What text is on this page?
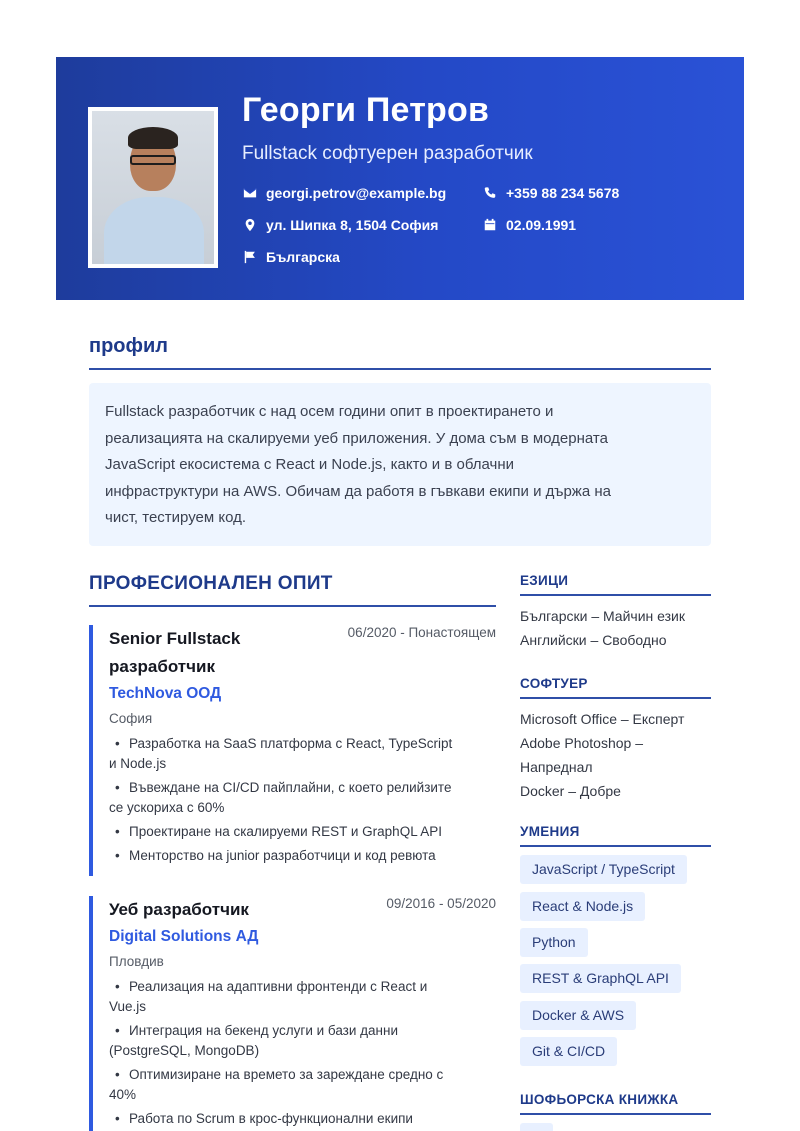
Георги Петров
Fullstack софтуерен разработчик
georgi.petrov@example.bg	+359 88 234 5678
ул. Шипка 8, 1504 София	02.09.1991
Българска
профил
Fullstack разработчик с над осем години опит в проектирането и
реализацията на скалируеми уеб приложения. У дома съм в модерната
JavaScript екосистема с React и Node.js, както и в облачни
инфраструктури на AWS. Обичам да работя в гъвкави екипи и държа на
чист, тестируем код.
ПРОФЕСИОНАЛЕН ОПИТ
06/2020 - Понастоящем
Senior Fullstack
разработчик
TechNova ООД
София
• Разработка на SaaS платформа с React, TypeScript
и Node.js
• Въвеждане на CI/CD пайплайни, с което релийзите
се ускориха с 60%
• Проектиране на скалируеми REST и GraphQL API
• Менторство на junior разработчици и код ревюта
09/2016 - 05/2020
Уеб разработчик
Digital Solutions АД
Пловдив
• Реализация на адаптивни фронтенди с React и
Vue.js
• Интеграция на бекенд услуги и бази данни
(PostgreSQL, MongoDB)
• Оптимизиране на времето за зареждане средно с
40%
• Работа по Scrum в крос-функционални екипи
ЕЗИЦИ
Български – Майчин език
Английски – Свободно
СОФТУЕР
Microsoft Office – Експерт
Adobe Photoshop –
Напреднал
Docker – Добре
УМЕНИЯ
JavaScript / TypeScript
React & Node.js
Python
REST & GraphQL API
Docker & AWS
Git & CI/CD
ШОФЬОРСКА КНИЖКА
